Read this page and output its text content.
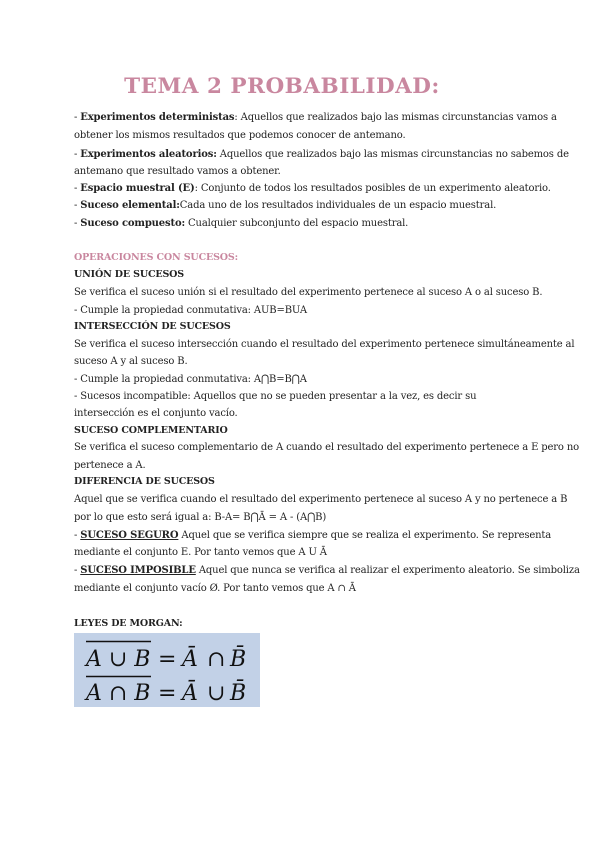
TEMA 2 PROBABILIDAD:
- Experimentos deterministas: Aquellos que realizados bajo las mismas circunstancias vamos a
obtener los mismos resultados que podemos conocer de antemano.
- Experimentos aleatorios: Aquellos que realizados bajo las mismas circunstancias no sabemos de
antemano que resultado vamos a obtener.
- Espacio muestral (E): Conjunto de todos los resultados posibles de un experimento aleatorio.
- Suceso elemental:Cada uno de los resultados individuales de un espacio muestral.
- Suceso compuesto: Cualquier subconjunto del espacio muestral.
OPERACIONES CON SUCESOS:
UNIÓN DE SUCESOS
Se verifica el suceso unión si el resultado del experimento pertenece al suceso A o al suceso B.
- Cumple la propiedad conmutativa: AUB=BUA
INTERSECCIÓN DE SUCESOS
Se verifica el suceso intersección cuando el resultado del experimento pertenece simultáneamente al
suceso A y al suceso B.
- Cumple la propiedad conmutativa: A⋂B=B⋂A
- Sucesos incompatible: Aquellos que no se pueden presentar a la vez, es decir su
intersección es el conjunto vacío.
SUCESO COMPLEMENTARIO
Se verifica el suceso complementario de A cuando el resultado del experimento pertenece a E pero no
pertenece a A.
DIFERENCIA DE SUCESOS
Aquel que se verifica cuando el resultado del experimento pertenece al suceso A y no pertenece a B
por lo que esto será igual a: B-A= B⋂Ā = A - (A⋂B)
- SUCESO SEGURO Aquel que se verifica siempre que se realiza el experimento. Se representa
mediante el conjunto E. Por tanto vemos que A U Ā
- SUCESO IMPOSIBLE Aquel que nunca se verifica al realizar el experimento aleatorio. Se simboliza
mediante el conjunto vacío Ø. Por tanto vemos que A ∩ Ā
LEYES DE MORGAN:
A ∪ B = Ā ∩ B̄
A ∩ B = Ā ∪ B̄
